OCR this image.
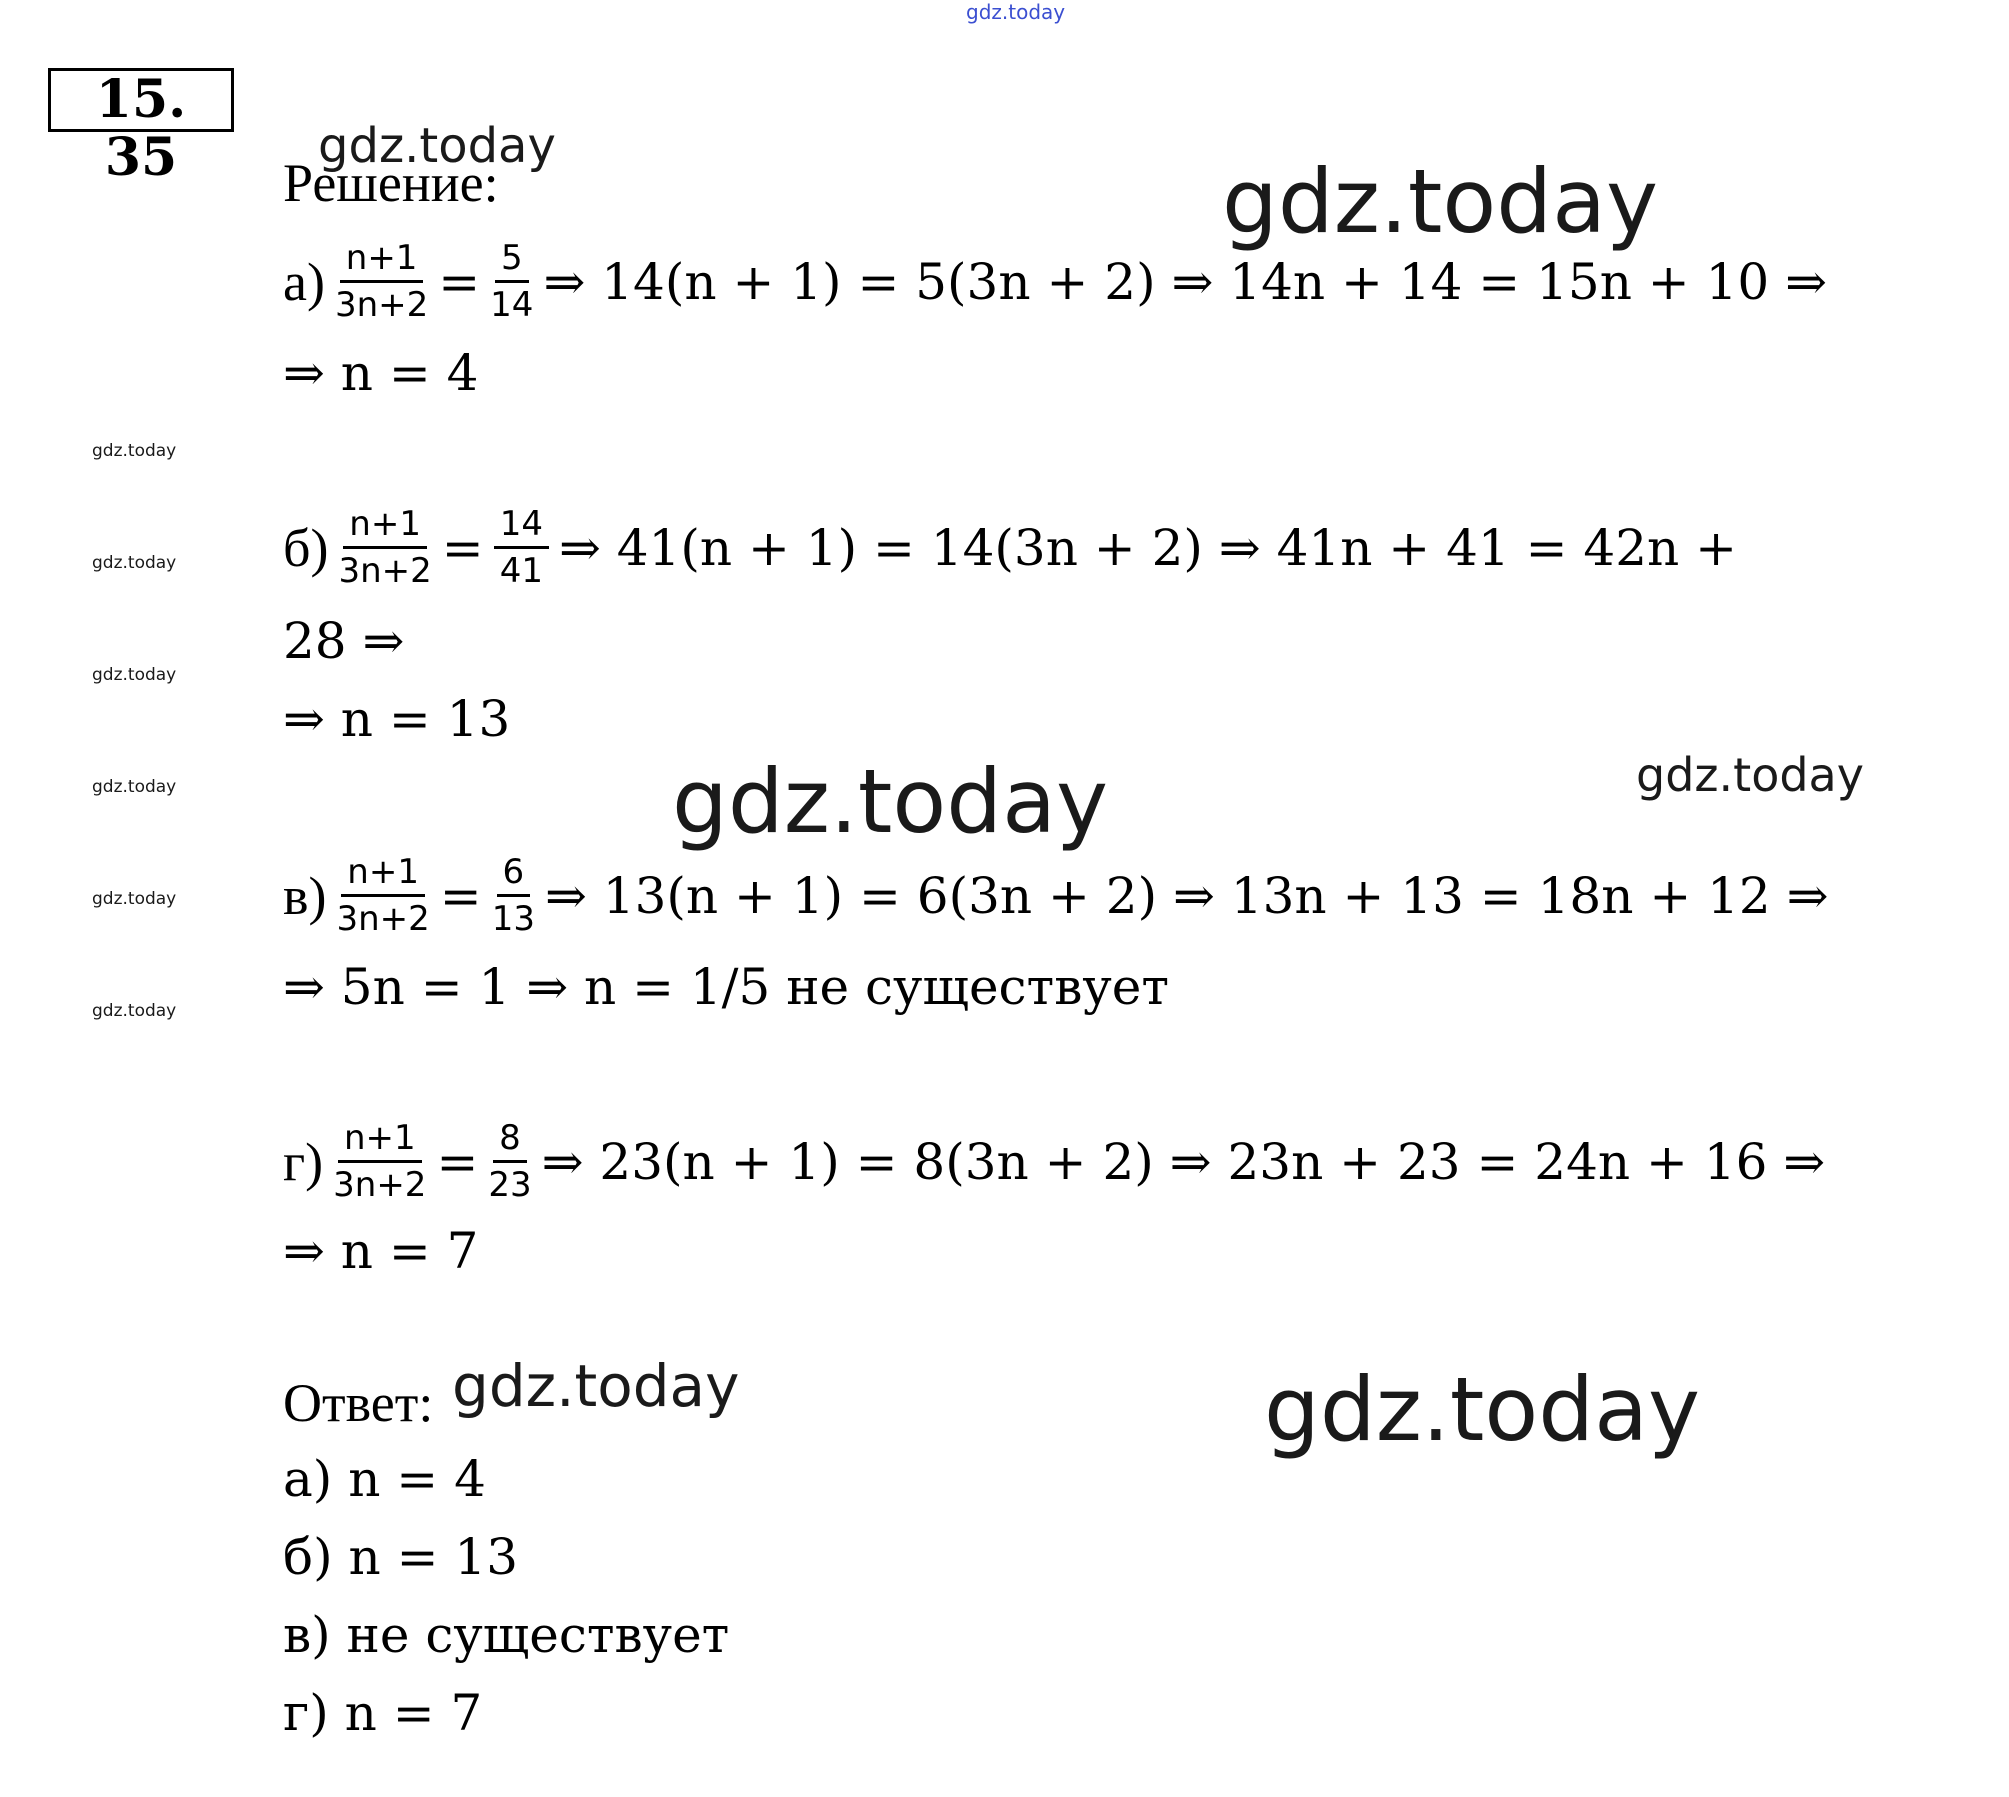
gdz.today
gdz.today
gdz.today
gdz.today
gdz.today
gdz.today
gdz.today
gdz.today
gdz.today
gdz.today	gdz.today
gdz.today	gdz.today
15. 35	Решение:
$а) \frac{n+1}{3n+2} = \frac{5}{14}$ ⇒ 14(n + 1) = 5(3n + 2) ⇒ 14n + 14 = 15n + 10 ⇒
⇒ n = 4
$б) \frac{n+1}{3n+2} = \frac{14}{41}$ ⇒ 41(n + 1) = 14(3n + 2) ⇒ 41n + 41 = 42n +
28 ⇒
⇒ n = 13
$в) \frac{n+1}{3n+2} = \frac{6}{13}$ ⇒ 13(n + 1) = 6(3n + 2) ⇒ 13n + 13 = 18n + 12 ⇒
⇒ 5n = 1 ⇒ n = 1/5 не существует
$г) \frac{n+1}{3n+2} = \frac{8}{23}$ ⇒ 23(n + 1) = 8(3n + 2) ⇒ 23n + 23 = 24n + 16 ⇒
⇒ n = 7
Ответ:
а) n = 4
б) n = 13
в) не существует
г) n = 7
